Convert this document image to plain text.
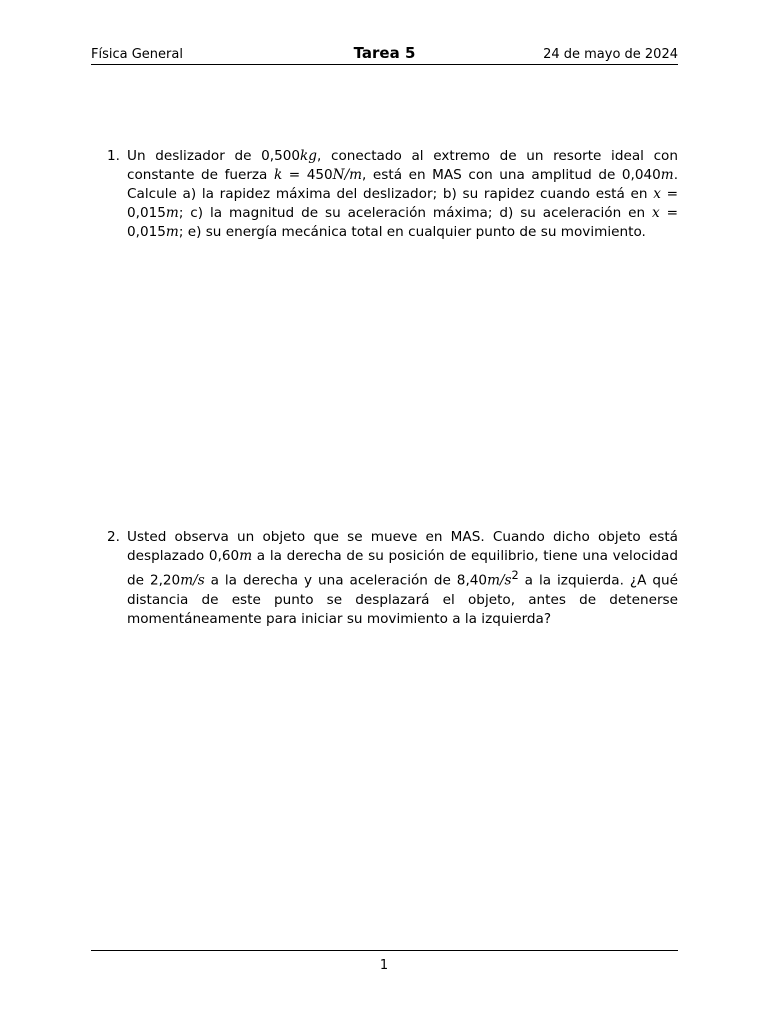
Física General	Tarea 5	24 de mayo de 2024
1. Un deslizador de 0,500kg, conectado al extremo de un resorte ideal con constante de fuerza k = 450N/m, está en MAS con una amplitud de 0,040m. Calcule a) la rapidez máxima del deslizador; b) su rapidez cuando está en x = 0,015m; c) la magnitud de su aceleración máxima; d) su aceleración en x = 0,015m; e) su energía mecánica total en cualquier punto de su movimiento.
2. Usted observa un objeto que se mueve en MAS. Cuando dicho objeto está desplazado 0,60m a la derecha de su posición de equilibrio, tiene una velocidad de 2,20m/s a la derecha y una aceleración de $8,40m/s^2$ a la izquierda. ¿A qué distancia de este punto se desplazará el objeto, antes de detenerse momentáneamente para iniciar su movimiento a la izquierda?
1
